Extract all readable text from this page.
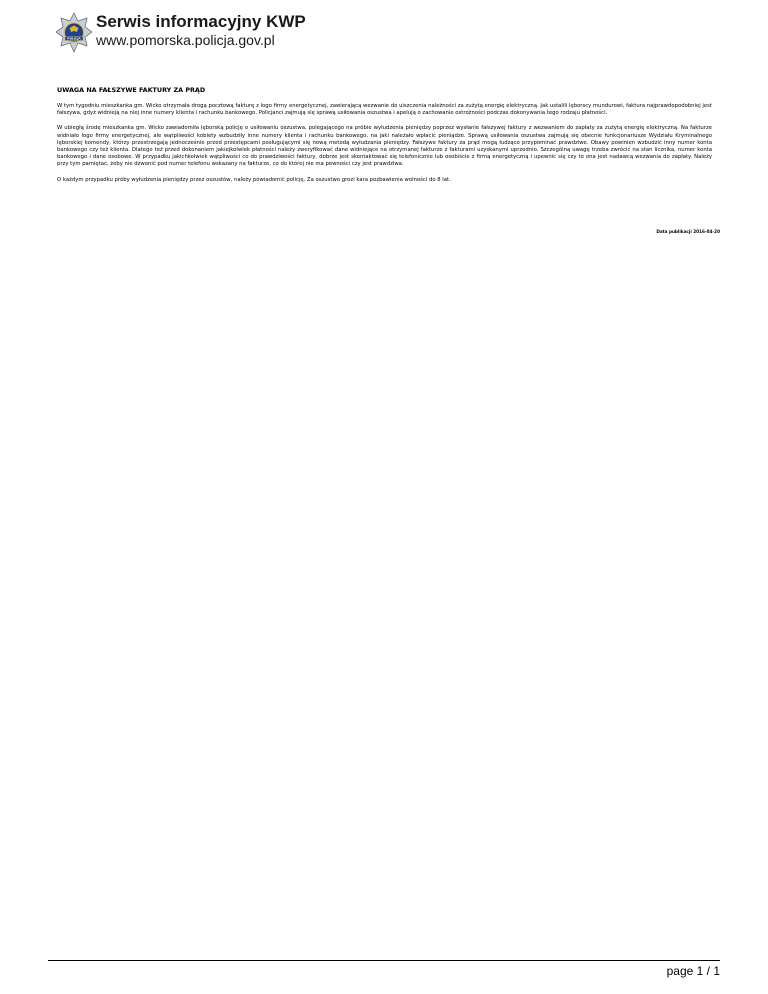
POLICJA
Serwis informacyjny KWP
www.pomorska.policja.gov.pl
UWAGA NA FAŁSZYWE FAKTURY ZA PRĄD

W tym tygodniu mieszkanka gm. Wicko otrzymała drogą pocztową fakturę z logo firmy energetycznej, zawierającą wezwanie do uiszczenia należności za zużytą energię elektryczną. Jak ustalili lęborscy mundurowi, faktura najprawdopodobniej jest fałszywa, gdyż widnieją na niej inne numery klienta i rachunku bankowego. Policjanci zajmują się sprawą usiłowania oszustwa i apelują o zachowanie ostrożności podczas dokonywania tego rodzaju płatności.

W ubiegłą środę mieszkanka gm. Wicko zawiadomiła lęborską policję o usiłowaniu oszustwa, polegającego na próbie wyłudzenia pieniędzy poprzez wysłanie fałszywej faktury z wezwaniem do zapłaty za zużytą energię elektryczną. Na fakturze widniało logo firmy energetycznej, ale wątpliwości kobiety wzbudziły inne numery klienta i rachunku bankowego, na jaki należało wpłacić pieniądze. Sprawą usiłowania oszustwa zajmują się obecnie funkcjonariusze Wydziału Kryminalnego lęborskiej komendy, którzy przestrzegają jednocześnie przed przestępcami posługującymi się nową metodą wyłudzania pieniędzy. Fałszywe faktury za prąd mogą łudząco przypominać prawdziwe. Obawy powinien wzbudzić inny numer konta bankowego czy też klienta. Dlatego też przed dokonaniem jakiejkolwiek płatności należy zweryfikować dane widniejące na otrzymanej fakturze z fakturami uzyskanymi uprzednio. Szczególną uwagę trzeba zwrócić na stan licznika, numer konta bankowego i dane osobowe. W przypadku jakichkolwiek wątpliwości co do prawdziwości faktury, dobrze jest skontaktować się telefonicznie lub osobiście z firmą energetyczną i upewnić się czy to ona jest nadawcą wezwania do zapłaty. Należy przy tym pamiętać, żeby nie dzwonić pod numer telefonu wskazany na fakturze, co do której nie ma pewności czy jest prawdziwa.

O każdym przypadku próby wyłudzenia pieniędzy przez oszustów, należy powiadomić policję. Za oszustwo grozi kara pozbawienia wolności do 8 lat.

Data publikacji 2016-04-20
page 1 / 1
